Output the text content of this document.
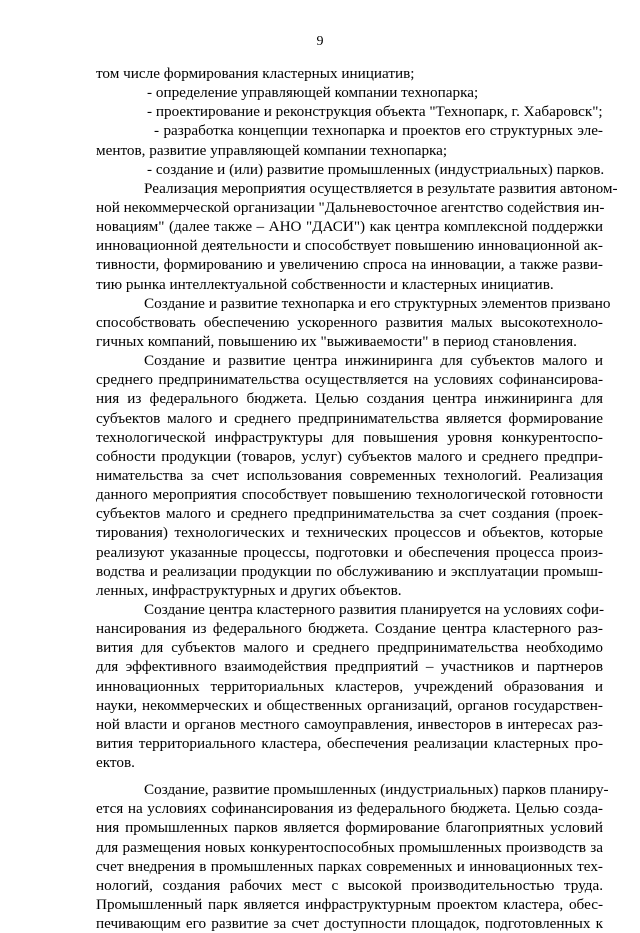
9
том числе формирования кластерных инициатив;
- определение управляющей компании технопарка;
- проектирование и реконструкция объекта "Технопарк, г. Хабаровск";
- разработка концепции технопарка и проектов его структурных эле-
ментов, развитие управляющей компании технопарка;
- создание и (или) развитие промышленных (индустриальных) парков.
Реализация мероприятия осуществляется в результате развития автоном-
ной некоммерческой организации "Дальневосточное агентство содействия ин-
новациям" (далее также – АНО "ДАСИ") как центра комплексной поддержки
инновационной деятельности и способствует повышению инновационной ак-
тивности, формированию и увеличению спроса на инновации, а также разви-
тию рынка интеллектуальной собственности и кластерных инициатив.
Создание и развитие технопарка и его структурных элементов призвано
способствовать обеспечению ускоренного развития малых высокотехноло-
гичных компаний, повышению их "выживаемости" в период становления.
Создание и развитие центра инжиниринга для субъектов малого и
среднего предпринимательства осуществляется на условиях софинансирова-
ния из федерального бюджета. Целью создания центра инжиниринга для
субъектов малого и среднего предпринимательства является формирование
технологической инфраструктуры для повышения уровня конкурентоспо-
собности продукции (товаров, услуг) субъектов малого и среднего предпри-
нимательства за счет использования современных технологий. Реализация
данного мероприятия способствует повышению технологической готовности
субъектов малого и среднего предпринимательства за счет создания (проек-
тирования) технологических и технических процессов и объектов, которые
реализуют указанные процессы, подготовки и обеспечения процесса произ-
водства и реализации продукции по обслуживанию и эксплуатации промыш-
ленных, инфраструктурных и других объектов.
Создание центра кластерного развития планируется на условиях софи-
нансирования из федерального бюджета. Создание центра кластерного раз-
вития для субъектов малого и среднего предпринимательства необходимо
для эффективного взаимодействия предприятий – участников и партнеров
инновационных территориальных кластеров, учреждений образования и
науки, некоммерческих и общественных организаций, органов государствен-
ной власти и органов местного самоуправления, инвесторов в интересах раз-
вития территориального кластера, обеспечения реализации кластерных про-
ектов.
Создание, развитие промышленных (индустриальных) парков планиру-
ется на условиях софинансирования из федерального бюджета. Целью созда-
ния промышленных парков является формирование благоприятных условий
для размещения новых конкурентоспособных промышленных производств за
счет внедрения в промышленных парках современных и инновационных тех-
нологий, создания рабочих мест с высокой производительностью труда.
Промышленный парк является инфраструктурным проектом кластера, обес-
печивающим его развитие за счет доступности площадок, подготовленных к
